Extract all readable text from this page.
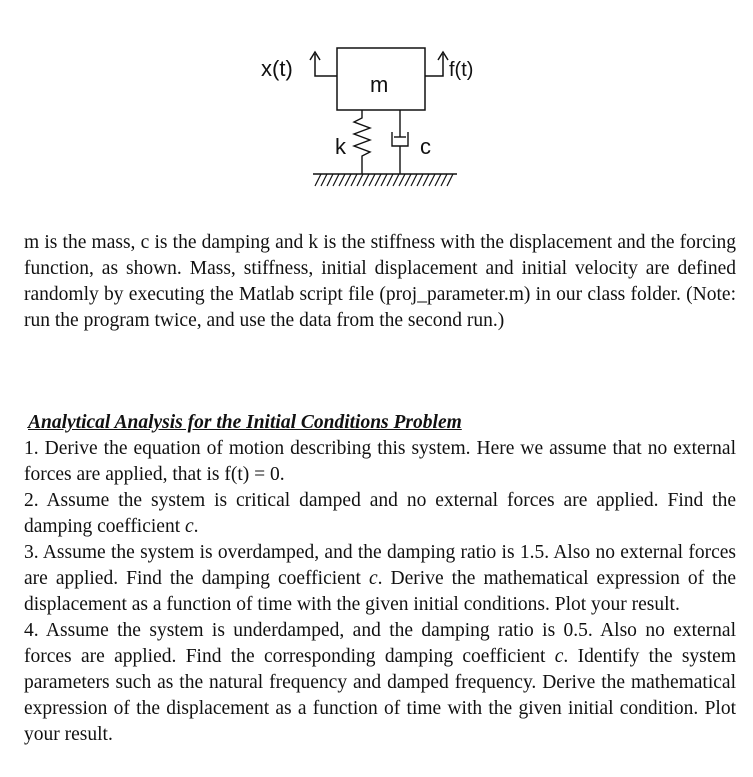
m
x(t)	f(t)
k	c

m is the mass, c is the damping and k is the stiffness with the displacement and the forcing function, as shown. Mass, stiffness, initial displacement and initial velocity are defined randomly by executing the Matlab script file (proj_parameter.m) in our class folder. (Note: run the program twice, and use the data from the second run.)

Analytical Analysis for the Initial Conditions Problem
1. Derive the equation of motion describing this system. Here we assume that no external forces are applied, that is f(t) = 0.
2. Assume the system is critical damped and no external forces are applied. Find the damping coefficient c.
3. Assume the system is overdamped, and the damping ratio is 1.5. Also no external forces are applied. Find the damping coefficient c. Derive the mathematical expression of the displacement as a function of time with the given initial conditions. Plot your result.
4. Assume the system is underdamped, and the damping ratio is 0.5. Also no external forces are applied. Find the corresponding damping coefficient c. Identify the system parameters such as the natural frequency and damped frequency. Derive the mathematical expression of the displacement as a function of time with the given initial condition. Plot your result.
